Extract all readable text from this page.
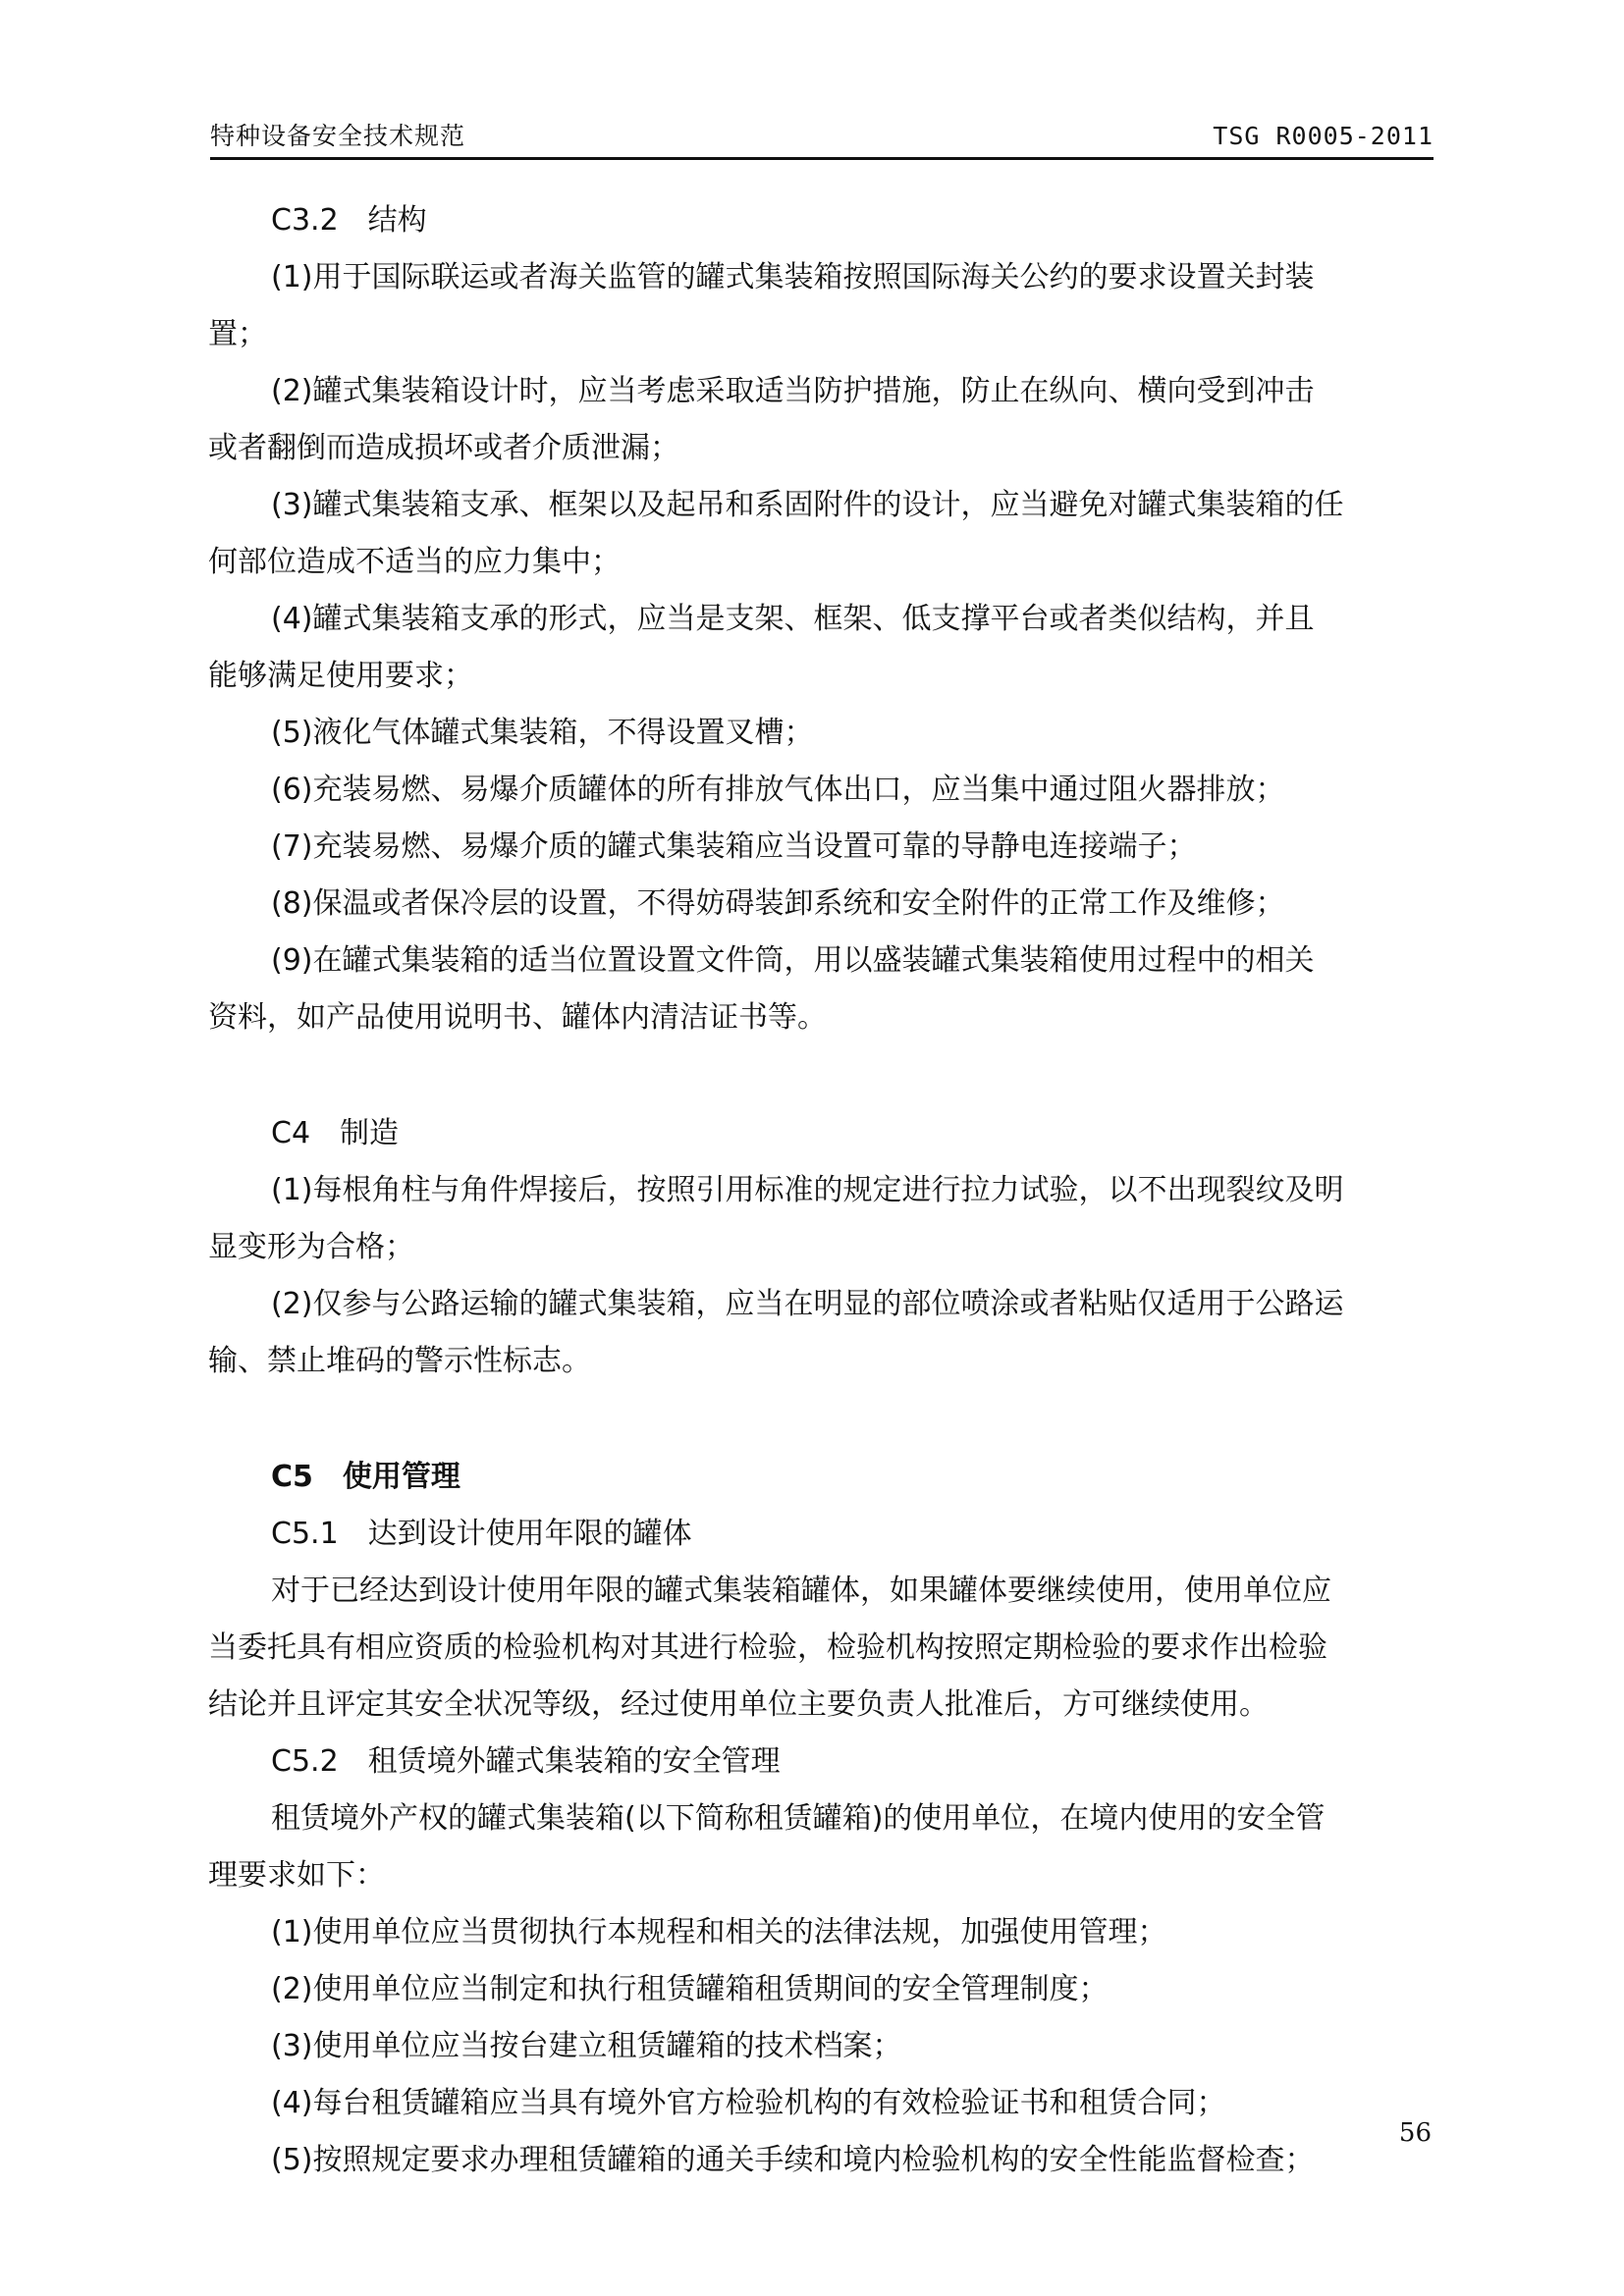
特种设备安全技术规范	TSG R0005-2011
C3.2　结构
(1)用于国际联运或者海关监管的罐式集装箱按照国际海关公约的要求设置关封装
置；
(2)罐式集装箱设计时，应当考虑采取适当防护措施，防止在纵向、横向受到冲击
或者翻倒而造成损坏或者介质泄漏；
(3)罐式集装箱支承、框架以及起吊和系固附件的设计，应当避免对罐式集装箱的任
何部位造成不适当的应力集中；
(4)罐式集装箱支承的形式，应当是支架、框架、低支撑平台或者类似结构，并且
能够满足使用要求；
(5)液化气体罐式集装箱，不得设置叉槽；
(6)充装易燃、易爆介质罐体的所有排放气体出口，应当集中通过阻火器排放；
(7)充装易燃、易爆介质的罐式集装箱应当设置可靠的导静电连接端子；
(8)保温或者保冷层的设置，不得妨碍装卸系统和安全附件的正常工作及维修；
(9)在罐式集装箱的适当位置设置文件筒，用以盛装罐式集装箱使用过程中的相关
资料，如产品使用说明书、罐体内清洁证书等。
C4　制造
(1)每根角柱与角件焊接后，按照引用标准的规定进行拉力试验，以不出现裂纹及明
显变形为合格；
(2)仅参与公路运输的罐式集装箱，应当在明显的部位喷涂或者粘贴仅适用于公路运
输、禁止堆码的警示性标志。
C5　使用管理
C5.1　达到设计使用年限的罐体
对于已经达到设计使用年限的罐式集装箱罐体，如果罐体要继续使用，使用单位应
当委托具有相应资质的检验机构对其进行检验，检验机构按照定期检验的要求作出检验
结论并且评定其安全状况等级，经过使用单位主要负责人批准后，方可继续使用。
C5.2　租赁境外罐式集装箱的安全管理
租赁境外产权的罐式集装箱(以下简称租赁罐箱)的使用单位，在境内使用的安全管
理要求如下：
(1)使用单位应当贯彻执行本规程和相关的法律法规，加强使用管理；
(2)使用单位应当制定和执行租赁罐箱租赁期间的安全管理制度；
(3)使用单位应当按台建立租赁罐箱的技术档案；
(4)每台租赁罐箱应当具有境外官方检验机构的有效检验证书和租赁合同；
(5)按照规定要求办理租赁罐箱的通关手续和境内检验机构的安全性能监督检查；
56
